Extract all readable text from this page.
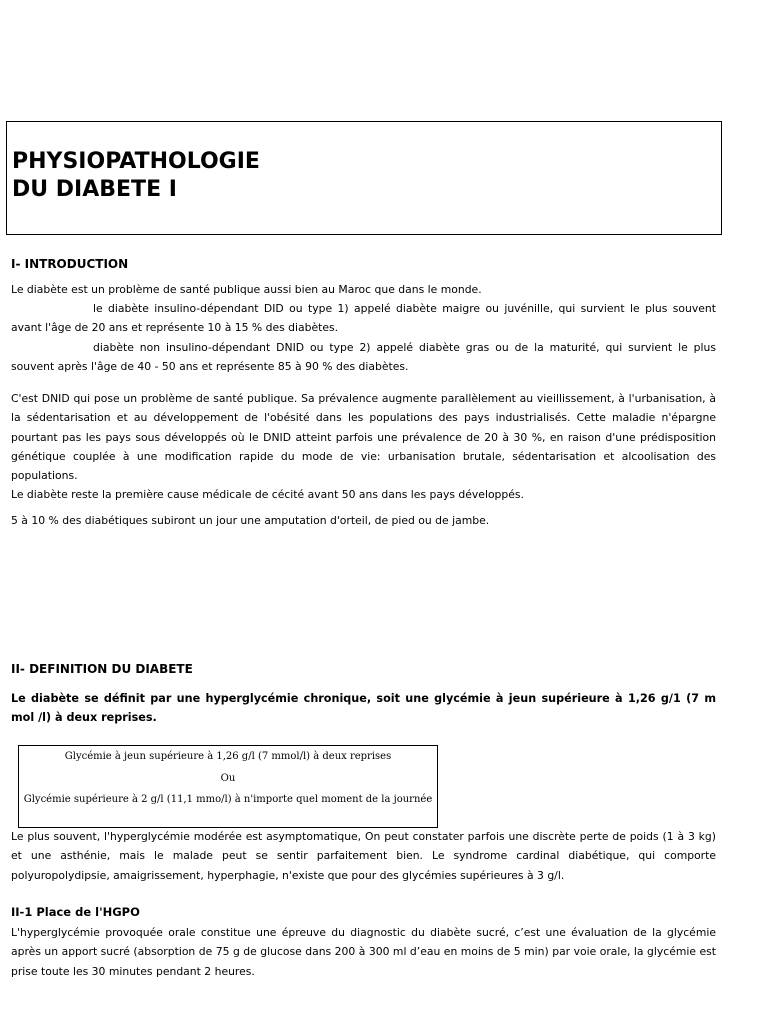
PHYSIOPATHOLOGIE
DU DIABETE I
I- INTRODUCTION

Le diabète est un problème de santé publique aussi bien au Maroc que dans le monde.

le diabète insulino-dépendant DID ou type 1) appelé diabète maigre ou juvénille, qui survient le plus souvent avant l'âge de 20 ans et représente 10 à 15 % des diabètes.

diabète non insulino-dépendant DNID ou type 2) appelé diabète gras ou de la maturité, qui survient le plus souvent après l'âge de 40 - 50 ans et représente 85 à 90 % des diabètes.

C'est DNID qui pose un problème de santé publique. Sa prévalence augmente parallèlement au vieillissement, à l'urbanisation, à la sédentarisation et au développement de l'obésité dans les populations des pays industrialisés. Cette maladie n'épargne pourtant pas les pays sous développés où le DNID atteint parfois une prévalence de 20 à 30 %, en raison d'une prédisposition génétique couplée à une modification rapide du mode de vie: urbanisation brutale, sédentarisation et alcoolisation des populations.

Le diabète reste la première cause médicale de cécité avant 50 ans dans les pays développés.

5 à 10 % des diabétiques subiront un jour une amputation d'orteil, de pied ou de jambe.

II- DEFINITION DU DIABETE

Le diabète se définit par une hyperglycémie chronique, soit une glycémie à jeun supérieure à 1,26 g/1 (7 m mol /l) à deux reprises.

Glycémie à jeun supérieure à 1,26 g/l (7 mmol/l) à deux reprises
Ou
Glycémie supérieure à 2 g/l (11,1 mmo/l) à n'importe quel moment de la journée

Le plus souvent, l'hyperglycémie modérée est asymptomatique, On peut constater parfois une discrète perte de poids (1 à 3 kg) et une asthénie, mais le malade peut se sentir parfaitement bien. Le syndrome cardinal diabétique, qui comporte polyuropolydipsie, amaigrissement, hyperphagie, n'existe que pour des glycémies supérieures à 3 g/l.

II-1 Place de l'HGPO

L'hyperglycémie provoquée orale constitue une épreuve du diagnostic du diabète sucré, c’est une évaluation de la glycémie après un apport sucré (absorption de 75 g de glucose dans 200 à 300 ml d’eau en moins de 5 min) par voie orale, la glycémie est prise toute les 30 minutes pendant 2 heures.
